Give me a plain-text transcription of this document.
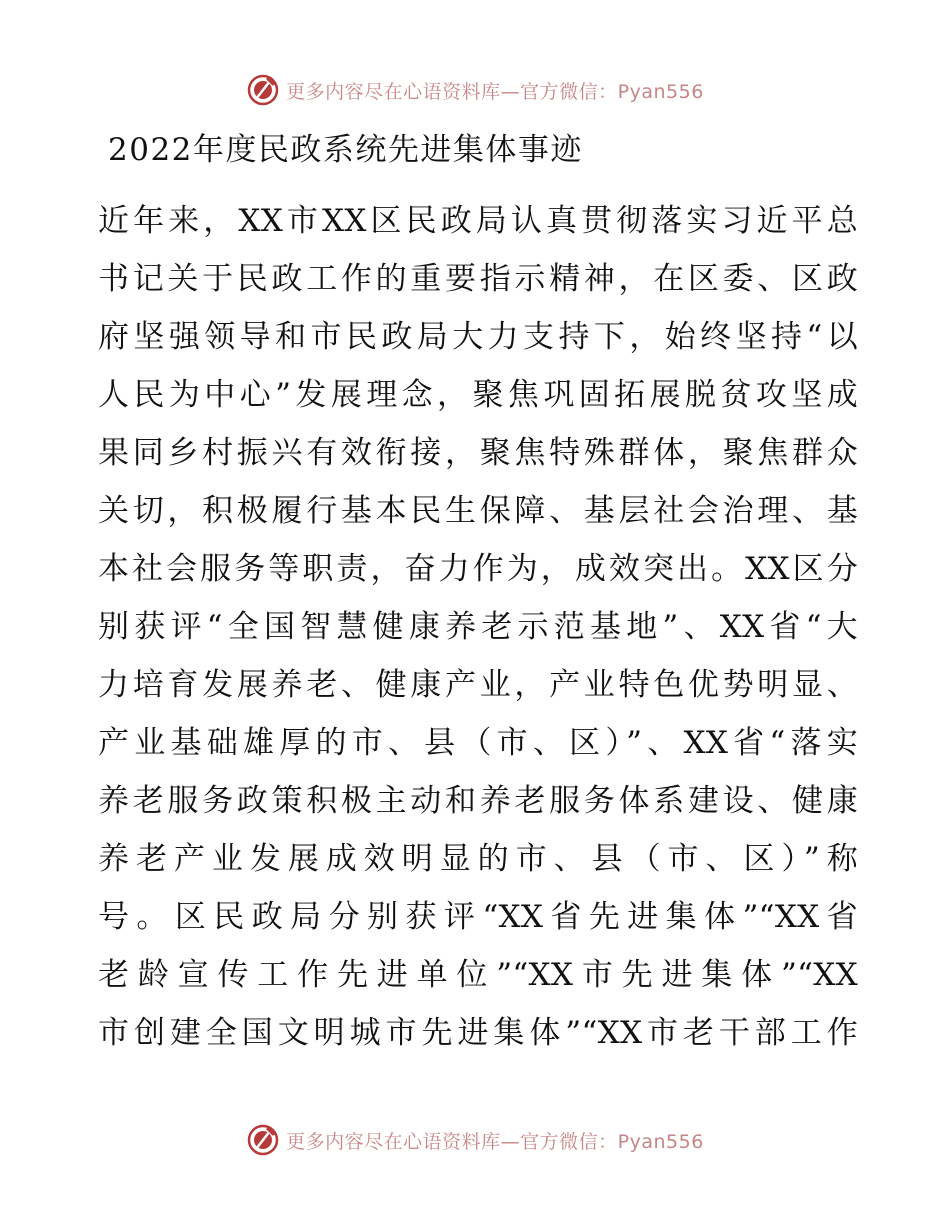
更多内容尽在心语资料库—官方微信：Pyan556
2022年度民政系统先进集体事迹
近年来，XX市XX区民政局认真贯彻落实习近平总
书记关于民政工作的重要指示精神，在区委、区政
府坚强领导和市民政局大力支持下，始终坚持“以
人民为中心”发展理念，聚焦巩固拓展脱贫攻坚成
果同乡村振兴有效衔接，聚焦特殊群体，聚焦群众
关切，积极履行基本民生保障、基层社会治理、基
本社会服务等职责，奋力作为，成效突出。XX区分
别获评“全国智慧健康养老示范基地”、XX省“大
力培育发展养老、健康产业，产业特色优势明显、
产业基础雄厚的市、县（市、区）”、XX省“落实
养老服务政策积极主动和养老服务体系建设、健康
养老产业发展成效明显的市、县（市、区）”称
号。区民政局分别获评“XX省先进集体”“XX省
老龄宣传工作先进单位”“XX市先进集体”“XX
市创建全国文明城市先进集体”“XX市老干部工作
更多内容尽在心语资料库—官方微信：Pyan556
